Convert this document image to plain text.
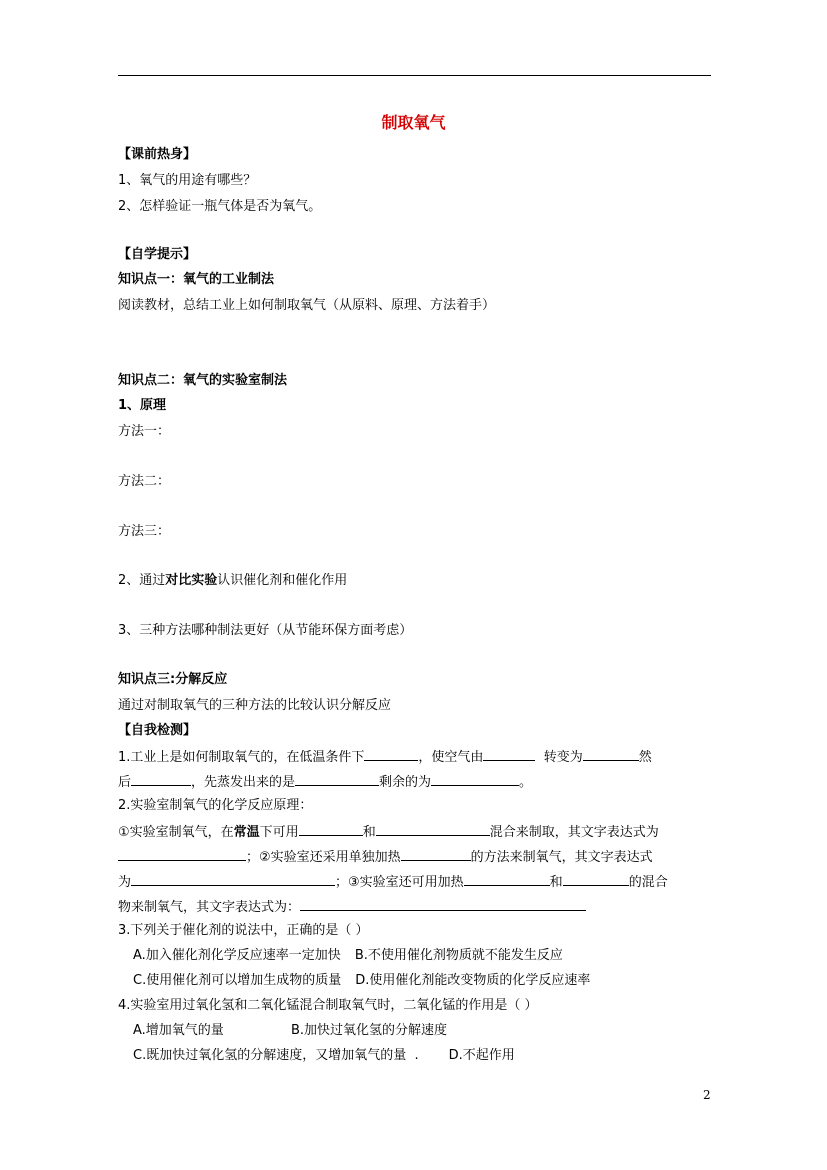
制取氧气
【课前热身】
1、氧气的用途有哪些？
2、怎样验证一瓶气体是否为氧气。
【自学提示】
知识点一：氧气的工业制法
阅读教材，总结工业上如何制取氧气（从原料、原理、方法着手）
知识点二：氧气的实验室制法
1、原理
方法一：
方法二：
方法三：
2、通过对比实验认识催化剂和催化作用
3、三种方法哪种制法更好（从节能环保方面考虑）
知识点三:分解反应
通过对制取氧气的三种方法的比较认识分解反应
【自我检测】
1.工业上是如何制取氧气的，在低温条件下	，使空气由	转变为	然
后	，先蒸发出来的是	剩余的为	。
2.实验室制氧气的化学反应原理：
①实验室制氧气，在常温下可用	和	混合来制取，其文字表达式为
；②实验室还采用单独加热	的方法来制氧气，其文字表达式
为	；③实验室还可用加热	和	的混合
物来制氧气，其文字表达式为：
3.下列关于催化剂的说法中，正确的是（ ）
A.加入催化剂化学反应速率一定加快 B.不使用催化剂物质就不能发生反应
C.使用催化剂可以增加生成物的质量 D.使用催化剂能改变物质的化学反应速率
4.实验室用过氧化氢和二氧化锰混合制取氧气时，二氧化锰的作用是（ ）
A.增加氧气的量	B.加快过氧化氢的分解速度
C.既加快过氧化氢的分解速度，又增加氧气的量 . D.不起作用
2
